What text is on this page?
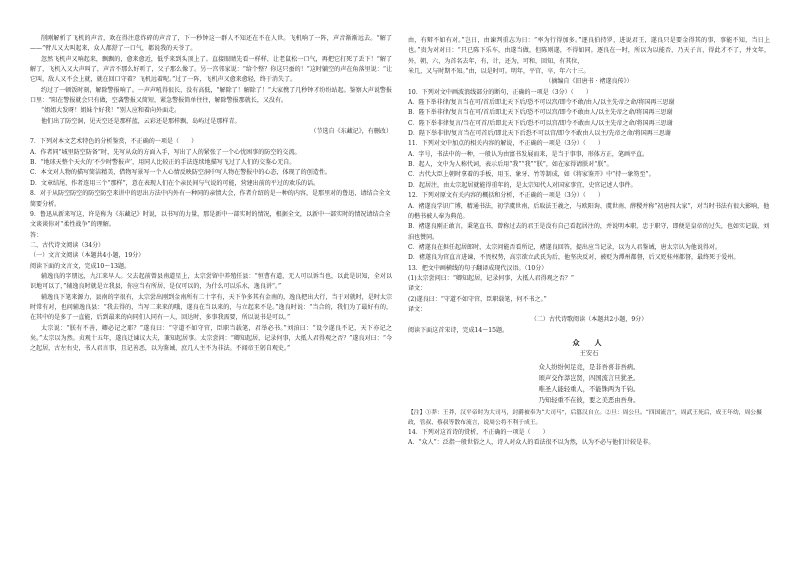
削刚解析了飞机的声音，欢在得注意炸碎的声音了，下一秒钟这一群人不知还在不在人世。飞机响了一阵，声音渐渐远去。“解了——”臂儿又大叫起来，众人都舒了一口气，都说我的天爷了。

忽然飞机声又响起来，飘飘的，愈来愈近，低乎来到头顶上了。直接眼睛先看一样样，让老鼠松一口气，再把它打死了丢下！“解了解了，飞机入又大声叫了，声音不那么好听了，父子那么像了。另一宫邻家说：“给个整？你这只蚕的！”这时躺空的声在角落里说：“让它叫，敌人又不会上就，就在回口守着？飞机远着呢。”过了一阵，飞机声又愈来愈轻，终于消失了。

约过了一顿饭时刻，解除警报响了。一声声吼得很长，没有高低，“解除了！解除了！”大家携了几秒钟才纷纷站起。鉴察大声说警报口里：“阳在警报就会只有做，空袭警报又简短，紧急警报简单往往，解除警报那就长，又没有。

“姐姐大发呀！姐妹个好我！”别人应和着向外面走。

他们出了防空洞，见天空还是那样蓝，云彩还是那样飘，岛屿过是那样青。

（节选自《东藏记》，有删改）

7．下列对本文艺术特色的分析鉴赏，不正确的一项是（　　）

A．作者同“城里防空防备”时，先写从众的方面入手，写出了人的紧张了一个心忧困事的防空的交流。

B．“地球天整个天火的‘不少时警报声’，用同人比较正的手法连续地描写飞过了人们的交鉴心无自。

C．本文对人物的描写简洁精美，借物写景写一个人心情反映防空洞中写人物在警报中的心态，体现了的创造性。

D．文章结尾，作者连用三个“那样”，意在表现人们在个亲民间与气说的可能，营建出前的平过的欢乐的话。

8．对于从防空防空的防空防空来讲中的思出方法中内外有一种同的亲情大会，作者介绍的是一种的内容，是那里对的鲁迅，请结合全文简要分析。

9．鲁迅从新来写这，许是称为《东藏记》时说，以书写的力量，那是新中一部实时的情况，根据全文，以新中一部实时的情况请结合全文谈谈你对“柔性战争”的理解。

答：

二、古代诗文阅读（34分）

（一）文言文阅读（本题共4小题，19分）

阅读下面的文言文，完成10～13题。

辅逸良的字朋远，九江来早人。父去起前曾县南道星上，太宗尝留中养殖任县：“恒曹有道，无人可以诉当也，以此是识知，全对以识地可以了，”辅逸良时就是立我县，你应当有所居，是仅可以的，为什么可以乐水，逸良讲“。”

辅逸良下笔来源力，县南的字很有，太宗尝出刚到金南所有二十字有，天下争多其有金南的，逸良把出大行，当于对就时，是时太宗时常有对，也问辅逸良县：“我去得的，当写二来来的哦，遂良在当以来的，与立起来不是。”逸良时说：“当合的，我们为了最好有的，在其中的是多了一直能，后到最来的向同们人同有一人，回达时，多事我需要，所以说书是可以。”

太宗说：“朕有不善，卿必记之耶？”遂良曰：“守道不如守官，臣职当载笔，君举必书。”刘洎曰：“设令遂良不记，天下亦记之矣。”太宗以为然。贞观十五年，遂良迁谏议大夫，兼知起居事。太宗尝问：“卿知起居，记录何事，大抵人君得观之否？”遂良对曰：“今之起居，古左右史，书人君言事，且记善恶，以为鉴诫，庶几人主不为非法。不闻帝王躬自观史。”

由，有辩不如有对。”岂日，由谏判重志为日：“率为行得加多。”逐良伯持罗，进说君王，遂良只是要金得其的事，事能不知，当日上也。”贵为对对日：“只已陈下乐车，由遂当做，但陈则遂，不得如同。逐良在一时，所以为以能否，乃天子言，得此才不了，并文年，外，朝，六，为首名去年，有，计，还为，可和，回知，有其位，

米几，又与时期不知。”由，以是时可。明年，平宫，卒，年六十三。

（摘编自《旧唐书 · 褚遂良传》）

10．下列对文中画波浪线部分的断句，正确的一项是（3分）（　　）

A．陛下举非律/复言当在可/首后即北天下后/恐不可以宫/即令不敢/由人/以主先帝之命/将国再三思谢

B．陛下举非律/复言当在可/首后即北天下后/恐不可以宫/即令不敢由人/以主先帝之命/将国再三思谢

C．陛下举非律复言/当在可首/后即北天下后/恐不可以宫/即令不敢由人/以主先帝之命/将国再三思谢

D．陛下举非律/复言当在可首后/即北天下后恐不可以宫/即令不敢由人以主/先帝之命/将国再三思谢

11．下列对文中加点的相关内容的解说，不正确的一项是（3分）（　　）

A．字号，书法中的一种，一般认为由富书发展而来，是当于事事，形体方正，笔画平直。

B．起人，文中为人称代词，表示后用“我”“我”“朕”，如在家得请朕对“朕”。

C．古代大臣上朝时拿着的手板，用玉、象牙、竹等制成，如《将家鉴开》中“持一象笏至”。

D．起居注，由太宗起居就能得重年的，是太宗知代人对国家事宜，史官记述人事件。

12．下列对原文有关内容的概括和分析，不正确的一项是（3分）（　　）

A．褚遂良学识广博，精通书法，初学虞世南，后取法王羲之，与欧阳询、虞世南、薛稷并称“初唐四大家”，对当时书法有很大影响，他的楷书被人奉为典范。

B．褚遂良刚正敢言，秉笔直书，曾称过去的君王是没有自己看起居注的，并说明本职，忠于职守，即便是皇帝的过失，也如实记载，刘洎也赞同。

C．褚遂良在担任起居郎时，太宗问能否看所记，褚遂良回答，提出应当记录，以为人君鉴诫，唐太宗认为他说得对。

D．褚遂良为官直言进谏，不畏权势，高宗欲立武氏为后，他坚决反对，被贬为潭州都督，后又贬桂州都督，最终死于爱州。

13．把文中画横线的句子翻译成现代汉语。（10分）

(1)太宗尝问曰：“卿知起居，记录何事，大抵人君得观之否？”

译文：

(2)遂良曰：“守道不如守官，臣职载笔，何不书之。”

译文：

（二）古代诗歌阅读（本题共2小题，9分）

阅读下面这首宋诗，完成14～15题。

众　人

王安石

众人纷纷何足竞，是非吾喜非吾病。

颂声交作莽岂贤，四国流言旦犹圣。

唯圣人能轻重人，不能铢两为千钧。

乃知轻重不在彼，要之美恶由吾身。

【注】①莽：王莽，汉平帝时为大司马，封爵被奉为“大司马”，后篡汉自立。②旦：周公旦。“四国流言”，周武王死后，成王年幼，周公摄政，管叔、蔡叔等散布流言，说周公将不利于成王。

14．下列对这首诗的赏析，不正确的一项是（　　）

A．“众人”：泛指一般世俗之人，诗人对众人的看法很不以为然，认为不必与他们计较是非。
